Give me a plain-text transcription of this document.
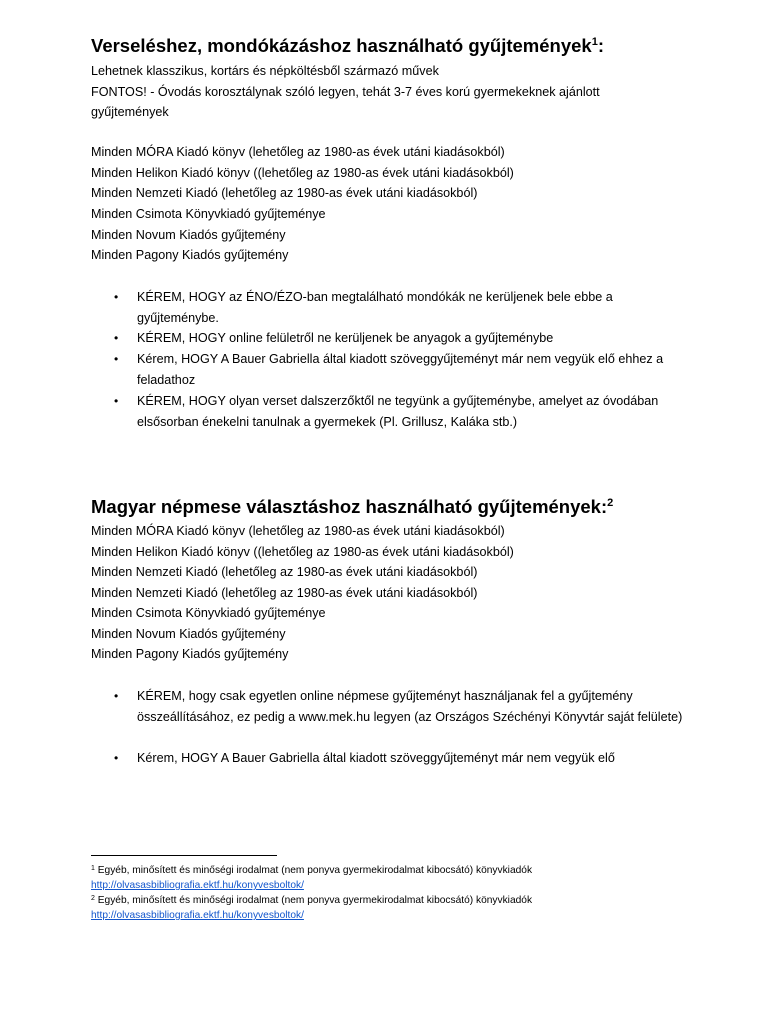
Verseléshez, mondókázáshoz használható gyűjtemények$^1$:
Lehetnek klasszikus, kortárs és népköltésből származó művek
FONTOS! - Óvodás korosztálynak szóló legyen, tehát 3-7 éves korú gyermekeknek ajánlott
gyűjtemények
Minden MÓRA Kiadó könyv (lehetőleg az 1980-as évek utáni kiadásokból)
Minden Helikon Kiadó könyv ((lehetőleg az 1980-as évek utáni kiadásokból)
Minden Nemzeti Kiadó (lehetőleg az 1980-as évek utáni kiadásokból)
Minden Csimota Könyvkiadó gyűjteménye
Minden Novum Kiadós gyűjtemény
Minden Pagony Kiadós gyűjtemény
• KÉREM, HOGY az ÉNO/ÉZO-ban megtalálható mondókák ne kerüljenek bele ebbe a gyűjteménybe.
• KÉREM, HOGY online felületről ne kerüljenek be anyagok a gyűjteménybe
• Kérem, HOGY A Bauer Gabriella által kiadott szöveggyűjteményt már nem vegyük elő ehhez a feladathoz
• KÉREM, HOGY olyan verset dalszerzőktől ne tegyünk a gyűjteménybe, amelyet az óvodában elsősorban énekelni tanulnak a gyermekek (Pl. Grillusz, Kaláka stb.)
Magyar népmese választáshoz használható gyűjtemények:$^2$
Minden MÓRA Kiadó könyv (lehetőleg az 1980-as évek utáni kiadásokból)
Minden Helikon Kiadó könyv ((lehetőleg az 1980-as évek utáni kiadásokból)
Minden Nemzeti Kiadó (lehetőleg az 1980-as évek utáni kiadásokból)
Minden Nemzeti Kiadó (lehetőleg az 1980-as évek utáni kiadásokból)
Minden Csimota Könyvkiadó gyűjteménye
Minden Novum Kiadós gyűjtemény
Minden Pagony Kiadós gyűjtemény
• KÉREM, hogy csak egyetlen online népmese gyűjteményt használjanak fel a gyűjtemény összeállításához, ez pedig a www.mek.hu legyen (az Országos Széchényi Könyvtár saját felülete)
• Kérem, HOGY A Bauer Gabriella által kiadott szöveggyűjteményt már nem vegyük elő
$^1$ Egyéb, minősített és minőségi irodalmat (nem ponyva gyermekirodalmat kibocsátó) könyvkiadók
http://olvasasbibliografia.ektf.hu/konyvesboltok/
$^2$ Egyéb, minősített és minőségi irodalmat (nem ponyva gyermekirodalmat kibocsátó) könyvkiadók
http://olvasasbibliografia.ektf.hu/konyvesboltok/
